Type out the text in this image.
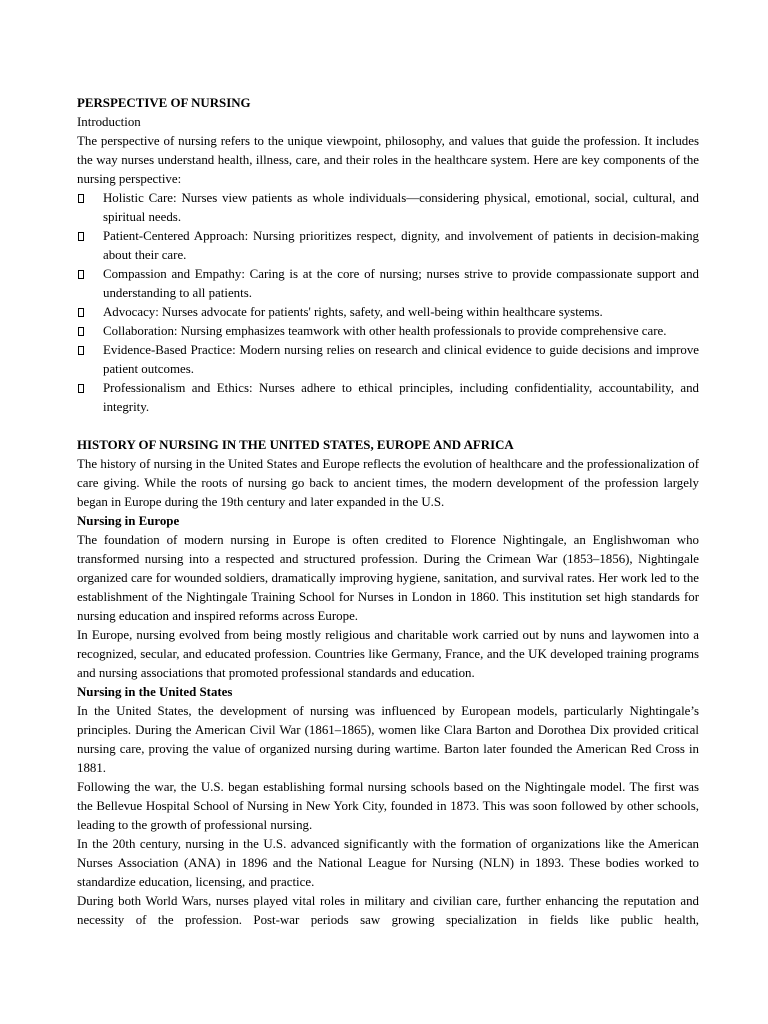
PERSPECTIVE OF NURSING

Introduction

The perspective of nursing refers to the unique viewpoint, philosophy, and values that guide the profession. It includes the way nurses understand health, illness, care, and their roles in the healthcare system. Here are key components of the nursing perspective:

Holistic Care: Nurses view patients as whole individuals—considering physical, emotional, social, cultural, and spiritual needs.
Patient-Centered Approach: Nursing prioritizes respect, dignity, and involvement of patients in decision-making about their care.
Compassion and Empathy: Caring is at the core of nursing; nurses strive to provide compassionate support and understanding to all patients.
Advocacy: Nurses advocate for patients' rights, safety, and well-being within healthcare systems.
Collaboration: Nursing emphasizes teamwork with other health professionals to provide comprehensive care.
Evidence-Based Practice: Modern nursing relies on research and clinical evidence to guide decisions and improve patient outcomes.
Professionalism and Ethics: Nurses adhere to ethical principles, including confidentiality, accountability, and integrity.

HISTORY OF NURSING IN THE UNITED STATES, EUROPE AND AFRICA

The history of nursing in the United States and Europe reflects the evolution of healthcare and the professionalization of care giving. While the roots of nursing go back to ancient times, the modern development of the profession largely began in Europe during the 19th century and later expanded in the U.S.

Nursing in Europe

The foundation of modern nursing in Europe is often credited to Florence Nightingale, an Englishwoman who transformed nursing into a respected and structured profession. During the Crimean War (1853–1856), Nightingale organized care for wounded soldiers, dramatically improving hygiene, sanitation, and survival rates. Her work led to the establishment of the Nightingale Training School for Nurses in London in 1860. This institution set high standards for nursing education and inspired reforms across Europe.

In Europe, nursing evolved from being mostly religious and charitable work carried out by nuns and laywomen into a recognized, secular, and educated profession. Countries like Germany, France, and the UK developed training programs and nursing associations that promoted professional standards and education.

Nursing in the United States

In the United States, the development of nursing was influenced by European models, particularly Nightingale’s principles. During the American Civil War (1861–1865), women like Clara Barton and Dorothea Dix provided critical nursing care, proving the value of organized nursing during wartime. Barton later founded the American Red Cross in 1881.

Following the war, the U.S. began establishing formal nursing schools based on the Nightingale model. The first was the Bellevue Hospital School of Nursing in New York City, founded in 1873. This was soon followed by other schools, leading to the growth of professional nursing.

In the 20th century, nursing in the U.S. advanced significantly with the formation of organizations like the American Nurses Association (ANA) in 1896 and the National League for Nursing (NLN) in 1893. These bodies worked to standardize education, licensing, and practice.

During both World Wars, nurses played vital roles in military and civilian care, further enhancing the reputation and necessity of the profession. Post-war periods saw growing specialization in fields like public health,
